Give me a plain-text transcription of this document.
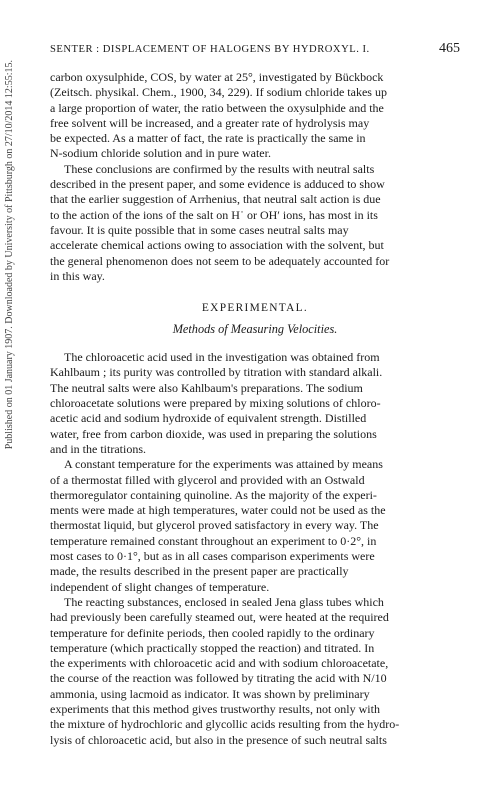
Published on 01 January 1907. Downloaded by University of Pittsburgh on 27/10/2014 12:55:15.
SENTER : DISPLACEMENT OF HALOGENS BY HYDROXYL. I.	465
carbon oxysulphide, COS, by water at 25°, investigated by Bückbock
(Zeitsch. physikal. Chem., 1900, 34, 229). If sodium chloride takes up
a large proportion of water, the ratio between the oxysulphide and the
free solvent will be increased, and a greater rate of hydrolysis may
be expected. As a matter of fact, the rate is practically the same in
N-sodium chloride solution and in pure water.
These conclusions are confirmed by the results with neutral salts
described in the present paper, and some evidence is adduced to show
that the earlier suggestion of Arrhenius, that neutral salt action is due
to the action of the ions of the salt on H˙ or OH′ ions, has most in its
favour. It is quite possible that in some cases neutral salts may
accelerate chemical actions owing to association with the solvent, but
the general phenomenon does not seem to be adequately accounted for
in this way.
EXPERIMENTAL.
Methods of Measuring Velocities.
The chloroacetic acid used in the investigation was obtained from
Kahlbaum ; its purity was controlled by titration with standard alkali.
The neutral salts were also Kahlbaum's preparations. The sodium
chloroacetate solutions were prepared by mixing solutions of chloro-
acetic acid and sodium hydroxide of equivalent strength. Distilled
water, free from carbon dioxide, was used in preparing the solutions
and in the titrations.
A constant temperature for the experiments was attained by means
of a thermostat filled with glycerol and provided with an Ostwald
thermoregulator containing quinoline. As the majority of the experi-
ments were made at high temperatures, water could not be used as the
thermostat liquid, but glycerol proved satisfactory in every way. The
temperature remained constant throughout an experiment to 0·2°, in
most cases to 0·1°, but as in all cases comparison experiments were
made, the results described in the present paper are practically
independent of slight changes of temperature.
The reacting substances, enclosed in sealed Jena glass tubes which
had previously been carefully steamed out, were heated at the required
temperature for definite periods, then cooled rapidly to the ordinary
temperature (which practically stopped the reaction) and titrated. In
the experiments with chloroacetic acid and with sodium chloroacetate,
the course of the reaction was followed by titrating the acid with N/10
ammonia, using lacmoid as indicator. It was shown by preliminary
experiments that this method gives trustworthy results, not only with
the mixture of hydrochloric and glycollic acids resulting from the hydro-
lysis of chloroacetic acid, but also in the presence of such neutral salts
